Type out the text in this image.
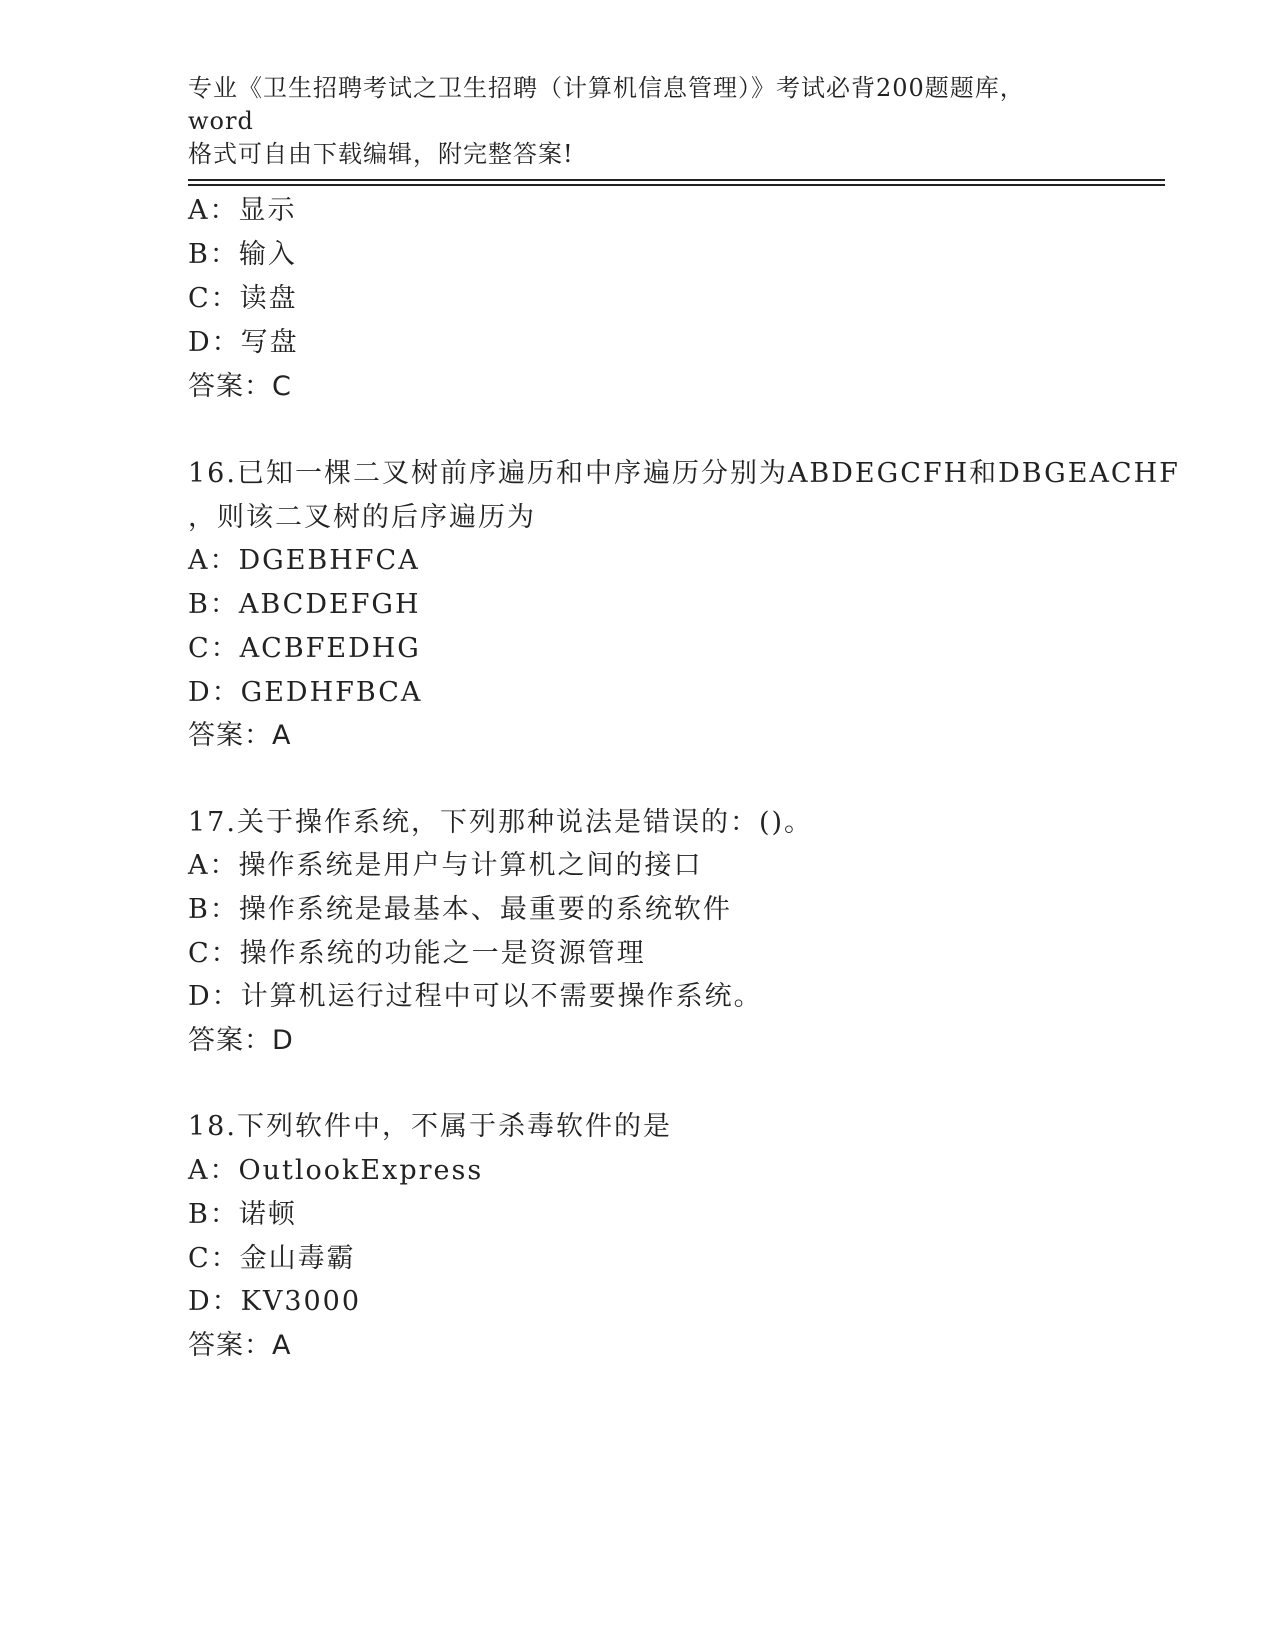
专业《卫生招聘考试之卫生招聘（计算机信息管理）》考试必背200题题库，word
格式可自由下载编辑，附完整答案!
A：显示
B：输入
C：读盘
D：写盘
答案：C
16.已知一棵二叉树前序遍历和中序遍历分别为ABDEGCFH和DBGEACHF
，则该二叉树的后序遍历为
A：DGEBHFCA
B：ABCDEFGH
C：ACBFEDHG
D：GEDHFBCA
答案：A
17.关于操作系统，下列那种说法是错误的：()。
A：操作系统是用户与计算机之间的接口
B：操作系统是最基本、最重要的系统软件
C：操作系统的功能之一是资源管理
D：计算机运行过程中可以不需要操作系统。
答案：D
18.下列软件中，不属于杀毒软件的是
A：OutlookExpress
B：诺顿
C：金山毒霸
D：KV3000
答案：A
